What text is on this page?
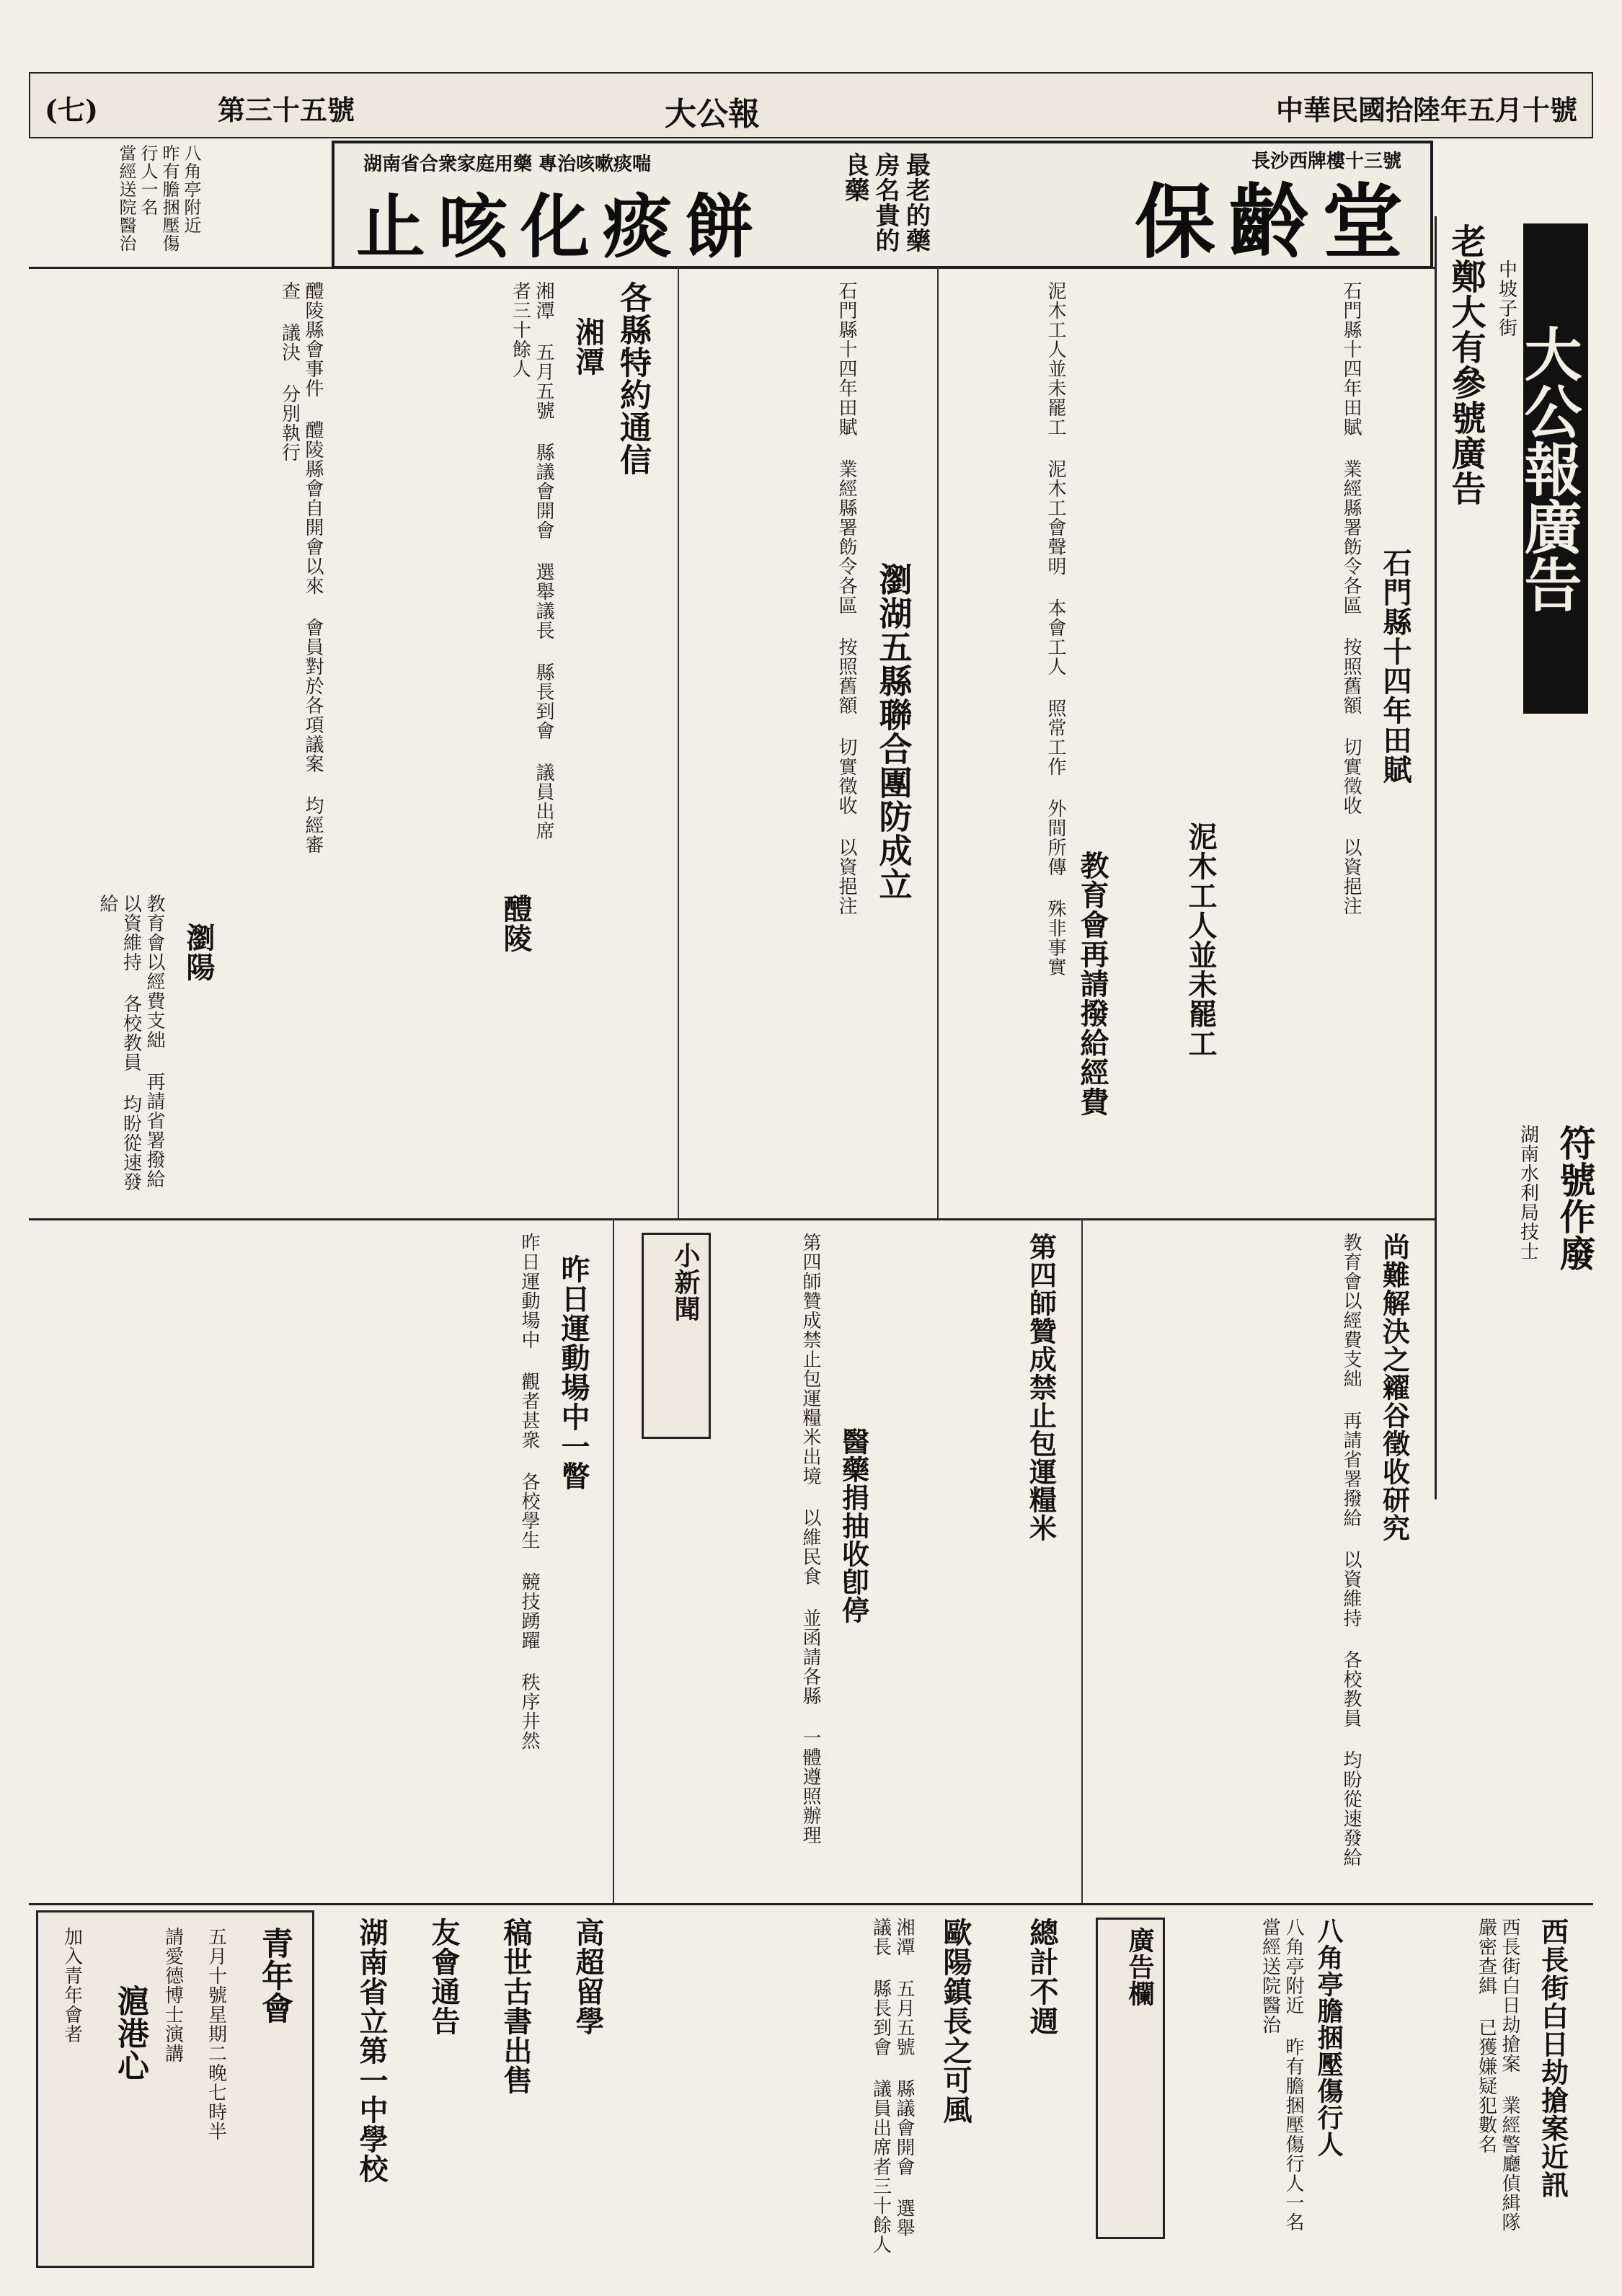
中華民國拾陸年五月十號
大公報
第三十五號
(七)
保齡堂
長沙西牌樓十三號
最老的藥房名貴的良藥
止咳化痰餅
湖南省合衆家庭用藥 專治咳嗽痰喘
八角亭附近 昨有膽捆壓傷行人一名 當經送院醫治
大公報廣告
老鄭大有參號廣告 中坡子街
符號作廢
湖南水利局技士
各縣特約通信
湘潭
湘潭 五月五號 縣議會開會 選舉議長 縣長到會 議員出席者三十餘人
醴陵縣會事件 醴陵縣會自開會以來 會員對於各項議案 均經審查 議決 分別執行
醴陵
瀏陽
教育會以經費支絀 再請省署撥給 以資維持 各校教員 均盼從速發給
瀏湖五縣聯合團防成立
石門縣十四年田賦 業經縣署飭令各區 按照舊額 切實徵收 以資挹注	石門縣十四年田賦
石門縣十四年田賦 業經縣署飭令各區 按照舊額 切實徵收 以資挹注
泥木工人並未罷工
教育會再請撥給經費
泥木工人並未罷工 泥木工會聲明 本會工人 照常工作 外間所傳 殊非事實
昨日運動場中一瞥	小新聞
昨日運動場中 觀者甚衆 各校學生 競技踴躍 秩序井然	第四師贊成禁止包運糧米
醫藥捐抽收卽停
第四師贊成禁止包運糧米出境 以維民食 並函請各縣 一體遵照辦理	尚難解決之糴谷徵收研究
教育會以經費支絀 再請省署撥給 以資維持 各校教員 均盼從速發給
西長街白日劫搶案近訊
西長街白日劫搶案 業經警廳偵緝隊 嚴密查緝 已獲嫌疑犯數名
八角亭膽捆壓傷行人
八角亭附近 昨有膽捆壓傷行人一名 當經送院醫治
廣告欄
總計不週
歐陽鎮長之可風
湘潭 五月五號 縣議會開會 選舉議長 縣長到會 議員出席者三十餘人
高超留學
稿世古書出售
友會通告
湖南省立第一中學校
青年會
五月十號星期二晚七時半
請愛德博士演講
滬港心
加入青年會者
